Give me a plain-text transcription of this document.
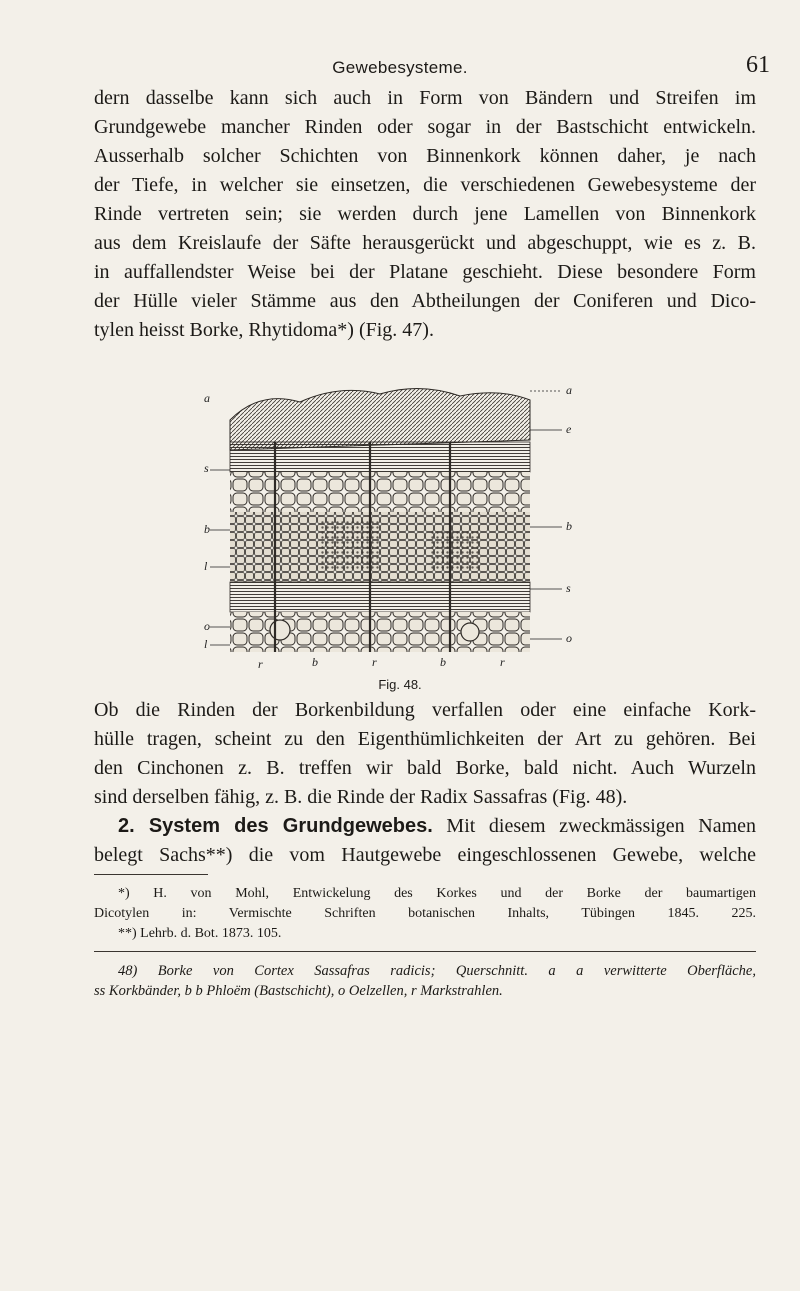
Gewebesysteme.	61
dern dasselbe kann sich auch in Form von Bändern und Streifen im
Grundgewebe mancher Rinden oder sogar in der Bastschicht entwickeln.
Ausserhalb solcher Schichten von Binnenkork können daher, je nach
der Tiefe, in welcher sie einsetzen, die verschiedenen Gewebesysteme der
Rinde vertreten sein; sie werden durch jene Lamellen von Binnenkork
aus dem Kreislaufe der Säfte herausgerückt und abgeschuppt, wie es z. B.
in auffallendster Weise bei der Platane geschieht. Diese besondere Form
der Hülle vieler Stämme aus den Abtheilungen der Coniferen und Dico-
tylen heisst Borke, Rhytidoma*) (Fig. 47).
a
s
b
l
o
l
a
e
b
s
o
r	b	r	b	r
Fig. 48.
Ob die Rinden der Borkenbildung verfallen oder eine einfache Kork-
hülle tragen, scheint zu den Eigenthümlichkeiten der Art zu gehören. Bei
den Cinchonen z. B. treffen wir bald Borke, bald nicht. Auch Wurzeln
sind derselben fähig, z. B. die Rinde der Radix Sassafras (Fig. 48).
2. System des Grundgewebes. Mit diesem zweckmässigen Namen
belegt Sachs**) die vom Hautgewebe eingeschlossenen Gewebe, welche
*) H. von Mohl, Entwickelung des Korkes und der Borke der baumartigen
Dicotylen in: Vermischte Schriften botanischen Inhalts, Tübingen 1845. 225.
**) Lehrb. d. Bot. 1873. 105.
48) Borke von Cortex Sassafras radicis; Querschnitt. a a verwitterte Oberfläche,
ss Korkbänder, b b Phloëm (Bastschicht), o Oelzellen, r Markstrahlen.
